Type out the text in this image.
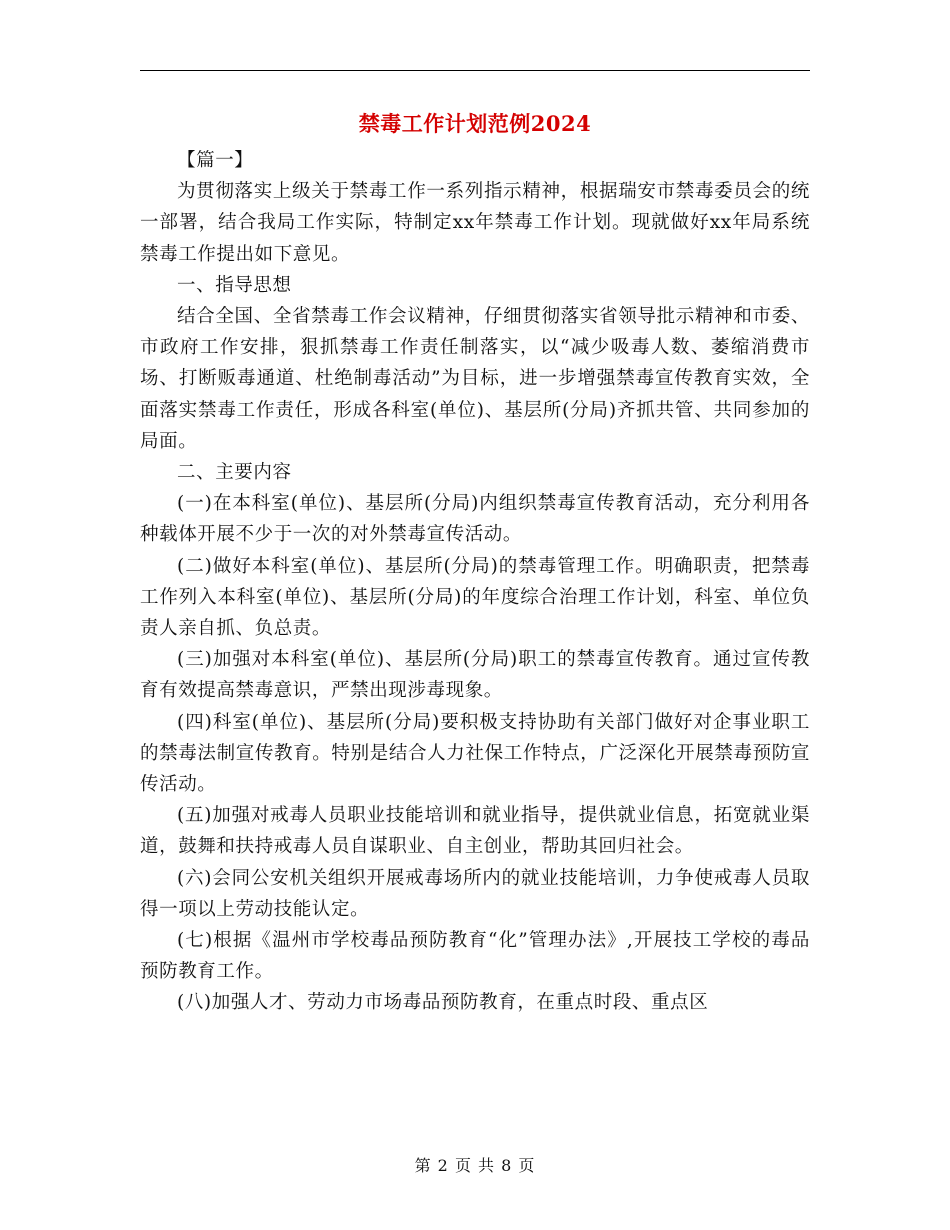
禁毒工作计划范例2024

【篇一】

为贯彻落实上级关于禁毒工作一系列指示精神，根据瑞安市禁毒委员会的统一部署，结合我局工作实际，特制定xx年禁毒工作计划。现就做好xx年局系统禁毒工作提出如下意见。

一、指导思想

结合全国、全省禁毒工作会议精神，仔细贯彻落实省领导批示精神和市委、市政府工作安排，狠抓禁毒工作责任制落实，以“减少吸毒人数、萎缩消费市场、打断贩毒通道、杜绝制毒活动”为目标，进一步增强禁毒宣传教育实效，全面落实禁毒工作责任，形成各科室(单位)、基层所(分局)齐抓共管、共同参加的局面。

二、主要内容

(一)在本科室(单位)、基层所(分局)内组织禁毒宣传教育活动，充分利用各种载体开展不少于一次的对外禁毒宣传活动。

(二)做好本科室(单位)、基层所(分局)的禁毒管理工作。明确职责，把禁毒工作列入本科室(单位)、基层所(分局)的年度综合治理工作计划，科室、单位负责人亲自抓、负总责。

(三)加强对本科室(单位)、基层所(分局)职工的禁毒宣传教育。通过宣传教育有效提高禁毒意识，严禁出现涉毒现象。

(四)科室(单位)、基层所(分局)要积极支持协助有关部门做好对企事业职工的禁毒法制宣传教育。特别是结合人力社保工作特点，广泛深化开展禁毒预防宣传活动。

(五)加强对戒毒人员职业技能培训和就业指导，提供就业信息，拓宽就业渠道，鼓舞和扶持戒毒人员自谋职业、自主创业，帮助其回归社会。

(六)会同公安机关组织开展戒毒场所内的就业技能培训，力争使戒毒人员取得一项以上劳动技能认定。

(七)根据《温州市学校毒品预防教育“化”管理办法》,开展技工学校的毒品预防教育工作。

(八)加强人才、劳动力市场毒品预防教育，在重点时段、重点区

第 2 页 共 8 页
